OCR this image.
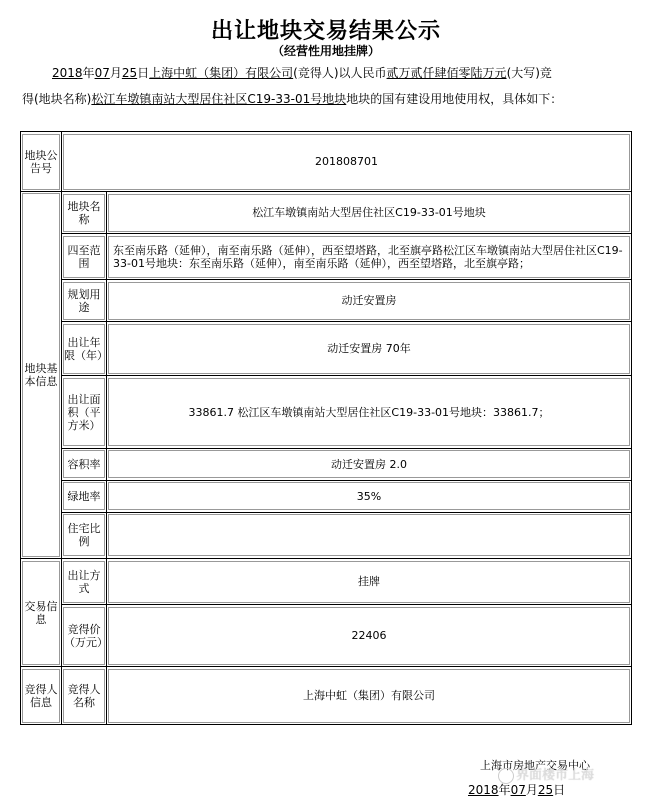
出让地块交易结果公示
（经营性用地挂牌）
2018年07月25日上海中虹（集团）有限公司(竞得人)以人民币贰万贰仟肆佰零陆万元(大写)竞
得(地块名称)松江车墩镇南站大型居住社区C19-33-01号地块地块的国有建设用地使用权，具体如下：
地块公告号	201808701	

地块基本信息	地块名称	松江车墩镇南站大型居住社区C19-33-01号地块

四至范围	东至南乐路（延伸），南至南乐路（延伸），西至望塔路，北至旗亭路松江区车墩镇南站大型居住社区C19-33-01号地块：东至南乐路（延伸），南至南乐路（延伸），西至望塔路，北至旗亭路；

规划用途	动迁安置房

出让年限（年）	动迁安置房 70年

出让面积（平方米）	33861.7 松江区车墩镇南站大型居住社区C19-33-01号地块：33861.7；

容积率	动迁安置房 2.0

绿地率	35%

住宅比例	

交易信息	出让方式	挂牌

竞得价（万元）	22406

竞得人信息	竞得人名称	上海中虹（集团）有限公司
上海市房地产交易中心
界面楼市上海
2018年07月25日
